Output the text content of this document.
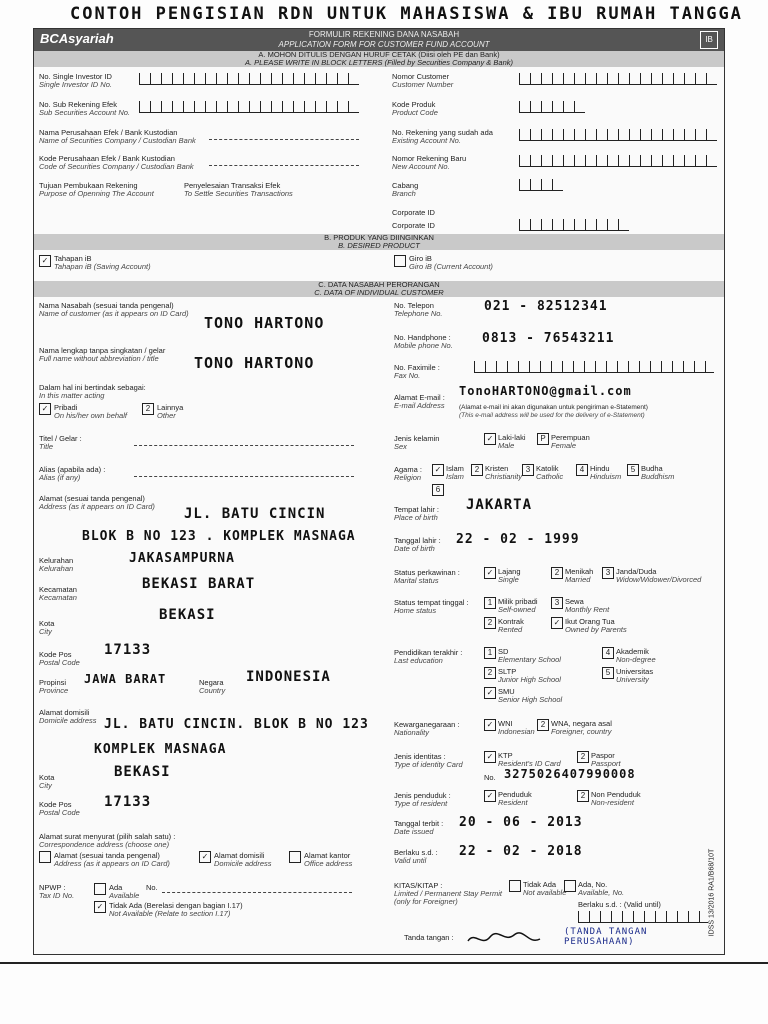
CONTOH PENGISIAN RDN UNTUK MAHASISWA & IBU RUMAH TANGGA
BCAsyariah	FORMULIR REKENING DANA NASABAH
APPLICATION FORM FOR CUSTOMER FUND ACCOUNT
IB
A. MOHON DITULIS DENGAN HURUF CETAK (Diisi oleh PE dan Bank)
A. PLEASE WRITE IN BLOCK LETTERS (Filled by Securities Company & Bank)
No. Single Investor ID
Single Investor ID No.
No. Sub Rekening Efek
Sub Securities Account No.
Nama Perusahaan Efek / Bank Kustodian
Name of Securities Company / Custodian Bank
Kode Perusahaan Efek / Bank Kustodian
Code of Securities Company / Custodian Bank
Tujuan Pembukaan Rekening
Purpose of Openning The Account
Penyelesaian Transaksi Efek
To Settle Securities Transactions
Nomor Customer
Customer Number
Kode Produk
Product Code
No. Rekening yang sudah ada
Existing Account No.
Nomor Rekening Baru
New Account No.
Cabang
Branch
Corporate ID
Corporate ID
B. PRODUK YANG DIINGINKAN
B. DESIRED PRODUCT
✓ Tahapan iB
Tahapan iB (Saving Account)
Giro iB
Giro iB (Current Account)
C. DATA NASABAH PERORANGAN
C. DATA OF INDIVIDUAL CUSTOMER
Nama Nasabah (sesuai tanda pengenal)
Name of customer (as it appears on ID Card)
TONO HARTONO
Nama lengkap tanpa singkatan / gelar
Full name without abbreviation / title	TONO HARTONO
Dalam hal ini bertindak sebagai:
In this matter acting
✓ Pribadi
On his/her own behalf
2 Lainnya
Other
Titel / Gelar :
Title
Alias (apabila ada) :
Alias (if any)
Alamat (sesuai tanda pengenal)
Address (as it appears on ID Card) JL. BATU CINCIN
BLOK B NO 123 . KOMPLEK MASNAGA
Kelurahan
Kelurahan
JAKASAMPURNA
Kecamatan
Kecamatan
BEKASI BARAT
Kota
City
BEKASI
Kode Pos
Postal Code
17133
Propinsi
Province
JAWA BARAT	Negara
Country
INDONESIA
Alamat domisili
Domicile address JL. BATU CINCIN. BLOK B NO 123
KOMPLEK MASNAGA
Kota
City
BEKASI
Kode Pos
Postal Code
17133
Alamat surat menyurat (pilih salah satu) :
Correspondence address (choose one)
Alamat (sesuai tanda pengenal)
Address (as it appears on ID Card)
✓ Alamat domisili
Domicile address
Alamat kantor
Office address
NPWP :
Tax ID No.
Ada
Available
No.
✓ Tidak Ada (Berelasi dengan bagian I.17)
Not Available (Relate to section I.17)
No. Telepon
Telephone No.	021 - 82512341
No. Handphone :
Mobile phone No. 0813 - 76543211
No. Faximile :
Fax No.
Alamat E-mail :
E-mail Address
TonoHARTONO@gmail.com
(Alamat e-mail ini akan digunakan untuk pengiriman e-Statement)
(This e-mail address will be used for the delivery of e-Statement)
Jenis kelamin
Sex
✓ Laki-laki
Male
P Perempuan
Female
Agama :
Religion
✓ Islam
Islam
2 Kristen
Christianity
3 Katolik
Catholic
4 Hindu
Hinduism
5 Budha
Buddhism
6
Tempat lahir :
Place of birth
JAKARTA
Tanggal lahir :
Date of birth
22 - 02 - 1999
Status perkawinan :
Marital status
✓ Lajang
Single
2 Menikah
Married
3 Janda/Duda
Widow/Widower/Divorced
Status tempat tinggal :
Home status
1 Milik pribadi
Self-owned
3 Sewa
Monthly Rent
2 Kontrak
Rented
✓ Ikut Orang Tua
Owned by Parents
Pendidikan terakhir :
Last education
1 SD
Elementary School
4 Akademik
Non-degree
2 SLTP
Junior High School
5 Universitas
University
✓ SMU
Senior High School
Kewarganegaraan :
Nationality
✓ WNI
Indonesian
2 WNA, negara asal
Foreigner, country
Jenis identitas :
Type of identity Card
✓ KTP
Resident's ID Card
2 Paspor
Passport
No. 3275026407990008
Jenis penduduk :
Type of resident
✓ Penduduk
Resident
2 Non Penduduk
Non-resident
Tanggal terbit :
Date issued
20 - 06 - 2013
Berlaku s.d. :
Valid until
22 - 02 - 2018
KITAS/KITAP :
Limited / Permanent Stay Permit (only for Foreigner)
Tidak Ada
Not available
Ada, No.
Available, No.
Berlaku s.d. : (Valid until)
Tanda tangan :
(TANDA TANGAN PERUSAHAAN)
IDSS 13/2016 RA1/B68/10T
